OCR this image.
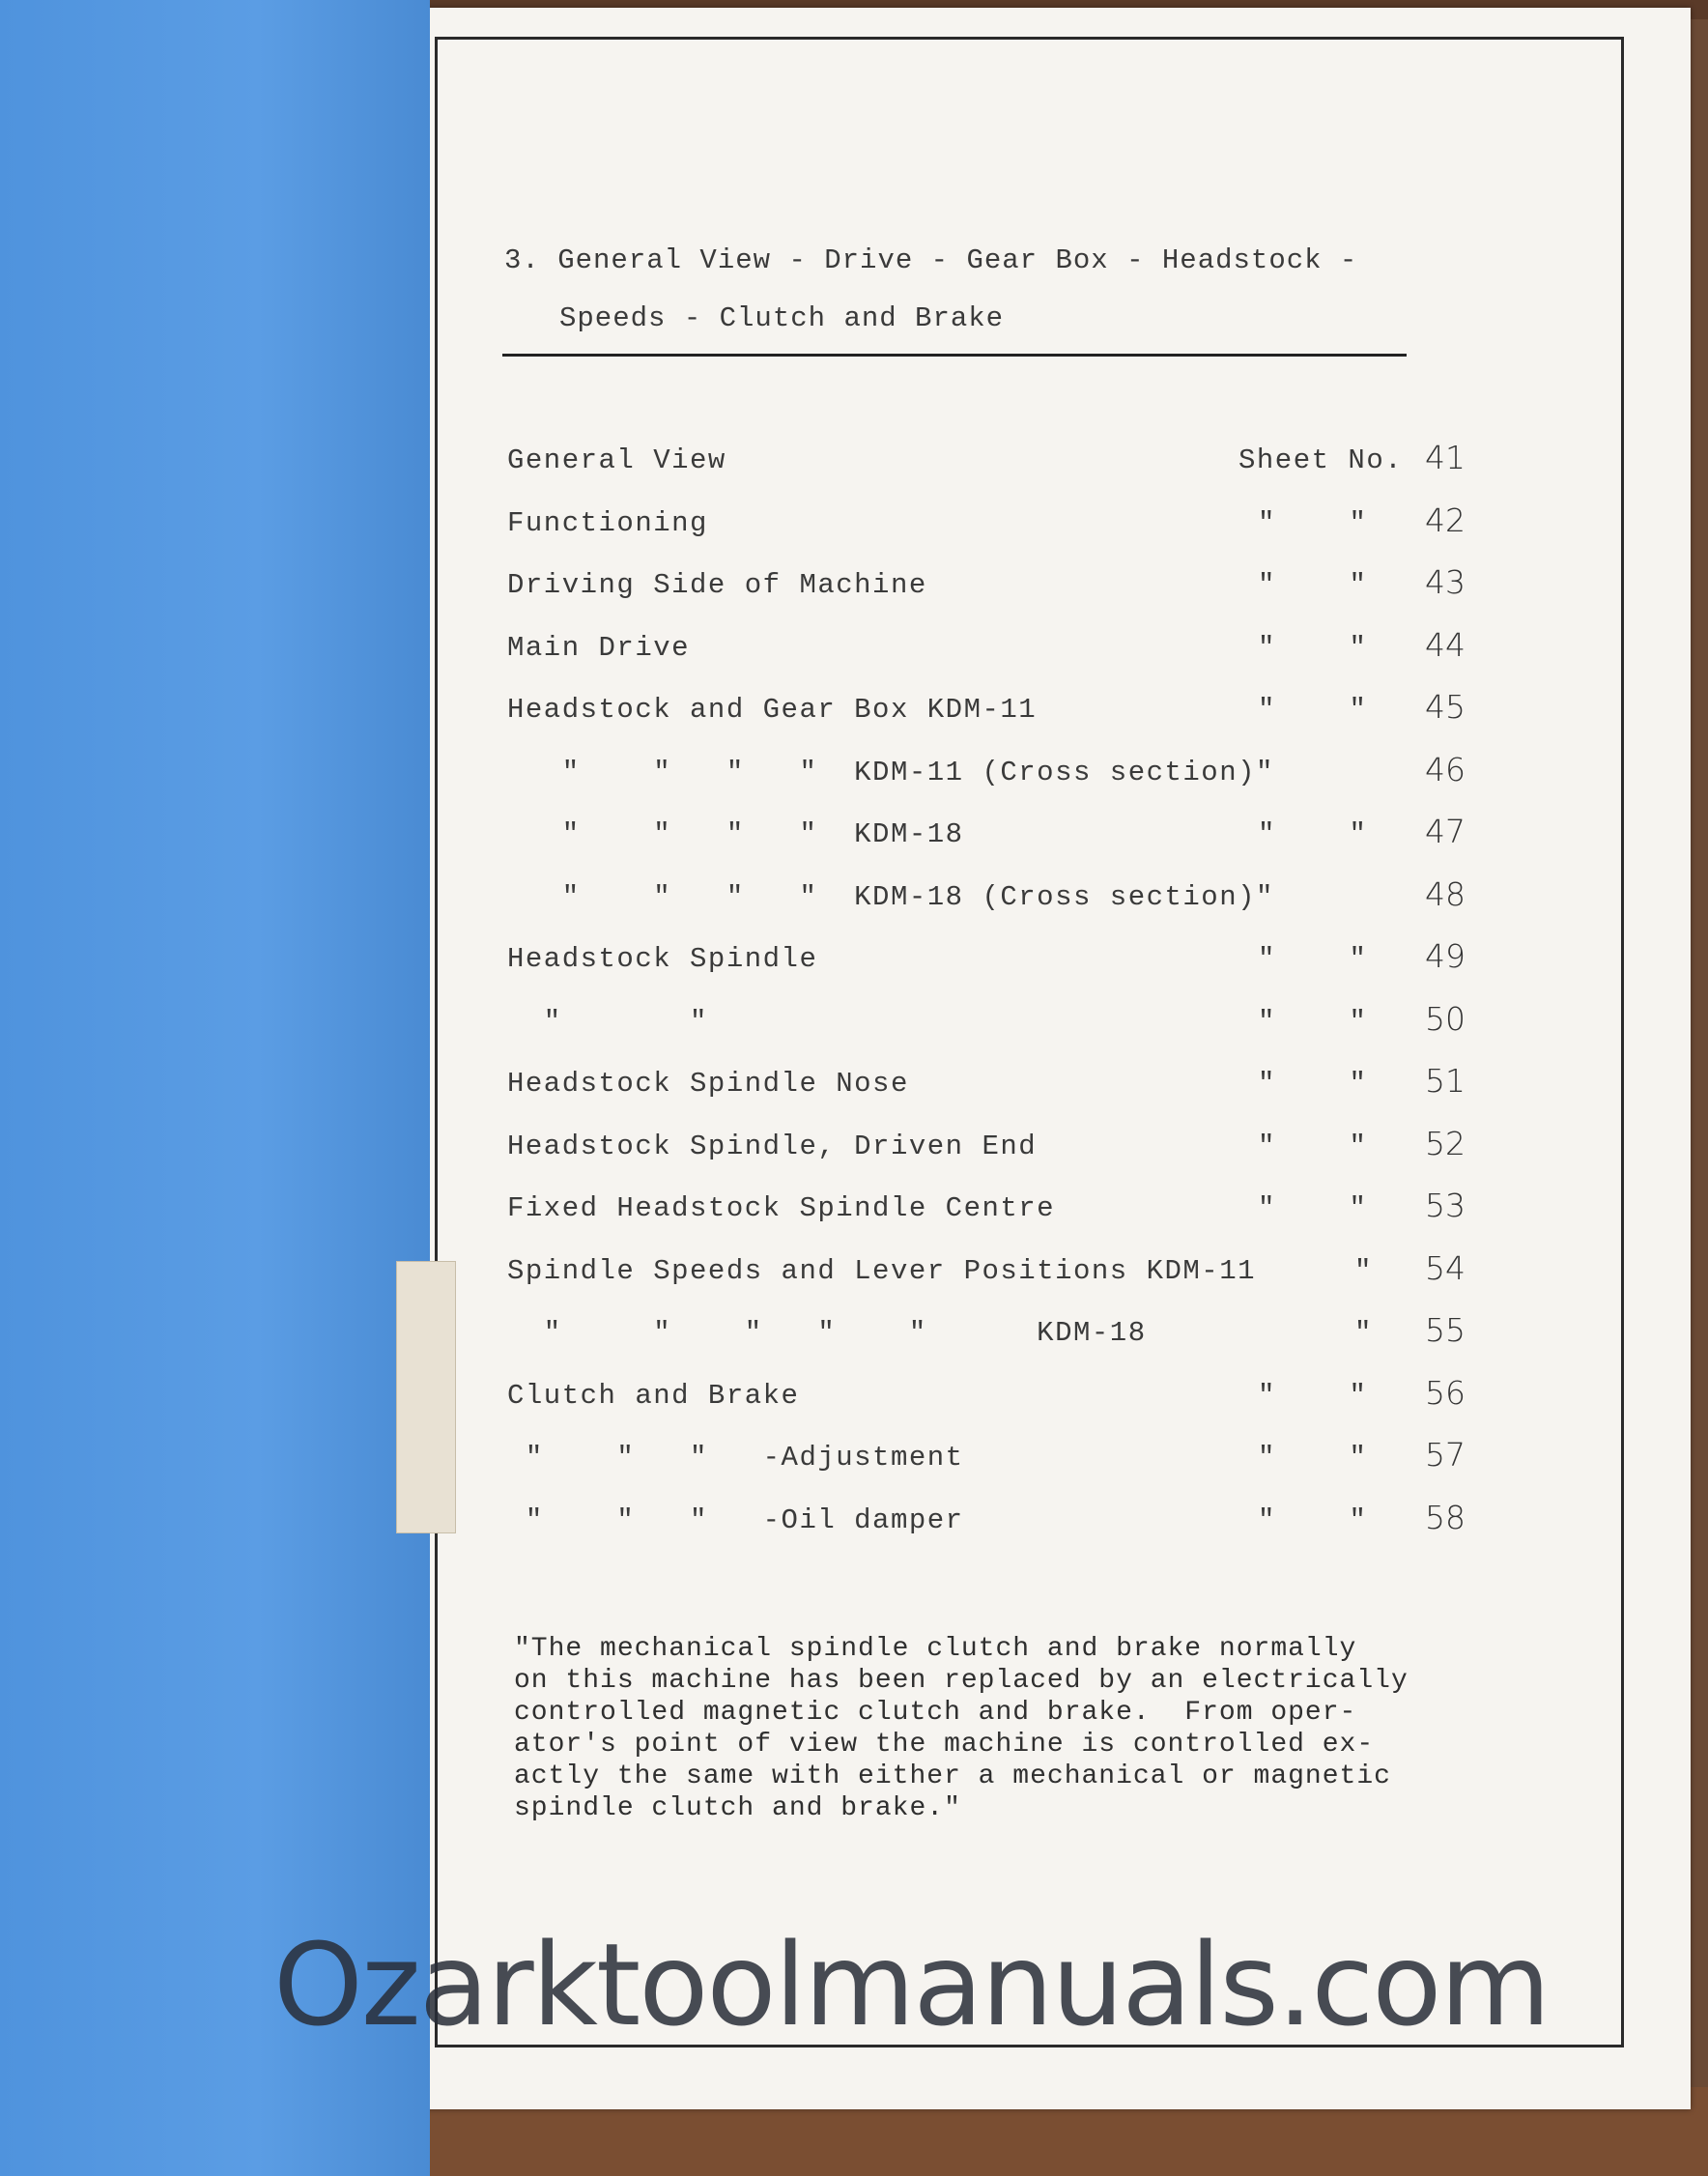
3. General View - Drive - Gear Box - Headstock -
Speeds - Clutch and Brake
General View	Sheet No. 41
Functioning	"    " 42
Driving Side of Machine	"    " 43
Main Drive	"    " 44
Headstock and Gear Box KDM-11	"    " 45
"    "   "   "  KDM-11 (Cross section)"	46
"    "   "   "  KDM-18	"    " 47
"    "   "   "  KDM-18 (Cross section)"	48
Headstock Spindle	"    " 49
"       "	"    " 50
Headstock Spindle Nose	"    " 51
Headstock Spindle, Driven End	"    " 52
Fixed Headstock Spindle Centre	"    " 53
Spindle Speeds and Lever Positions KDM-11	" 54
"     "    "   "    "      KDM-18	" 55
Clutch and Brake	"    " 56
"    "   "   -Adjustment	"    " 57
"    "   "   -Oil damper	"    " 58
"The mechanical spindle clutch and brake normally
on this machine has been replaced by an electrically
controlled magnetic clutch and brake.  From oper-
ator's point of view the machine is controlled ex-
actly the same with either a mechanical or magnetic
spindle clutch and brake."
Ozarktoolmanuals.com
